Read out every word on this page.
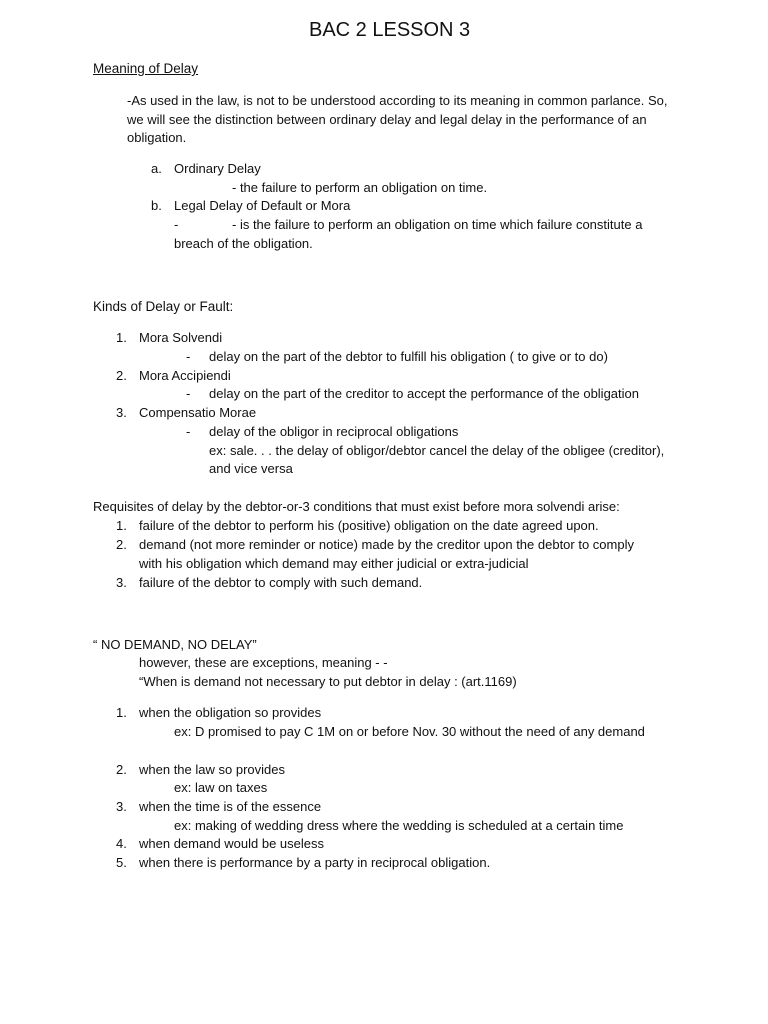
BAC 2 LESSON 3
Meaning of Delay
-As used in the law, is not to be understood according to its meaning in common parlance. So,
we will see the distinction between ordinary delay and legal delay in the performance of an
obligation.
a. Ordinary Delay
- the failure to perform an obligation on time.
b. Legal Delay of Default or Mora
-	- is the failure to perform an obligation on time which failure constitute a
breach of the obligation.
Kinds of Delay or Fault:
1. Mora Solvendi
- delay on the part of the debtor to fulfill his obligation ( to give or to do)
2. Mora Accipiendi
- delay on the part of the creditor to accept the performance of the obligation
3. Compensatio Morae
- delay of the obligor in reciprocal obligations
ex: sale. . . the delay of obligor/debtor cancel the delay of the obligee (creditor),
and vice versa
Requisites of delay by the debtor-or-3 conditions that must exist before mora solvendi arise:
1. failure of the debtor to perform his (positive) obligation on the date agreed upon.
2. demand (not more reminder or notice) made by the creditor upon the debtor to comply
with his obligation which demand may either judicial or extra-judicial
3. failure of the debtor to comply with such demand.
“ NO DEMAND, NO DELAY”
however, these are exceptions, meaning - -
“When is demand not necessary to put debtor in delay : (art.1169)
1. when the obligation so provides
ex: D promised to pay C 1M on or before Nov. 30 without the need of any demand
2. when the law so provides
ex: law on taxes
3. when the time is of the essence
ex: making of wedding dress where the wedding is scheduled at a certain time
4. when demand would be useless
5. when there is performance by a party in reciprocal obligation.
